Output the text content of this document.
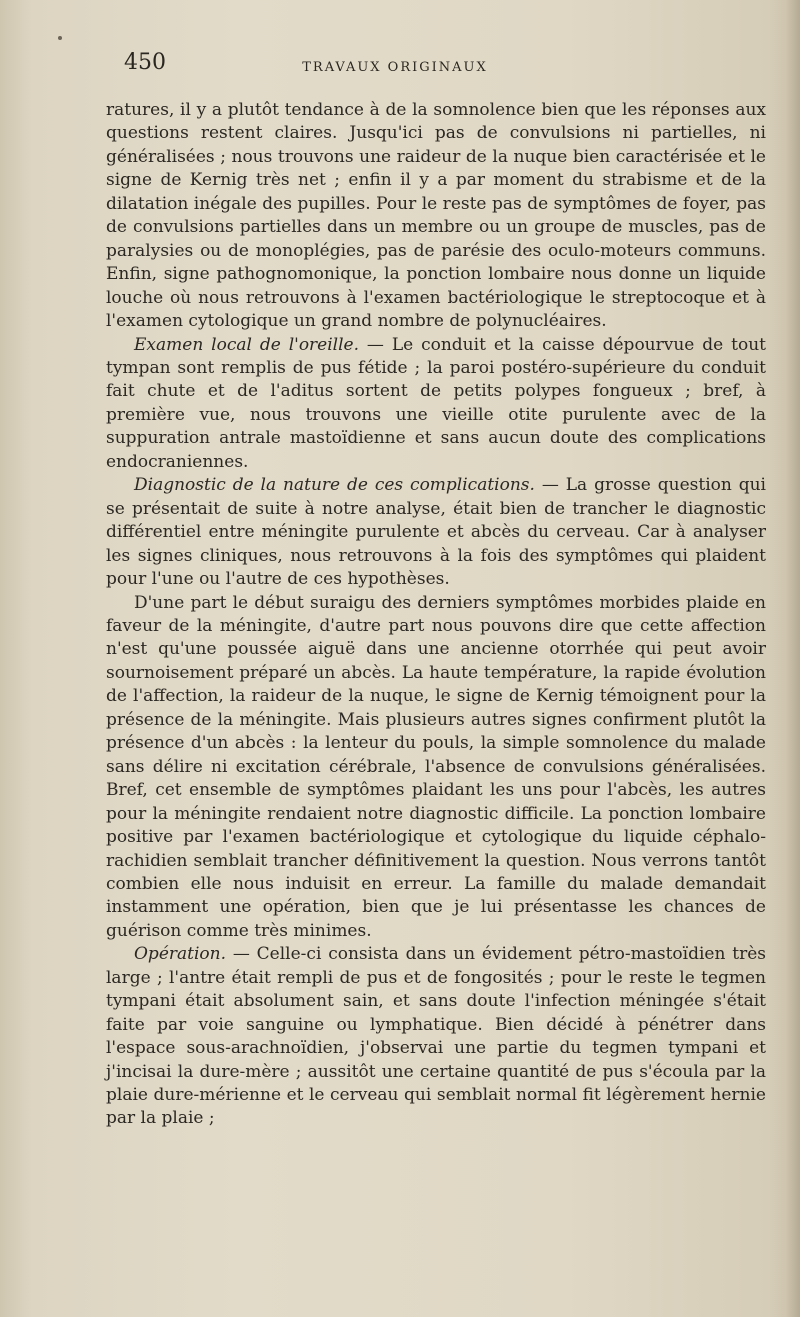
450	TRAVAUX ORIGINAUX

ratures, il y a plutôt tendance à de la somnolence bien que les réponses aux questions restent claires. Jusqu'ici pas de convulsions ni partielles, ni généralisées ; nous trouvons une raideur de la nuque bien caractérisée et le signe de Kernig très net ; enfin il y a par moment du strabisme et de la dilatation inégale des pupilles. Pour le reste pas de symptômes de foyer, pas de convulsions partielles dans un membre ou un groupe de muscles, pas de paralysies ou de monoplégies, pas de parésie des oculo-moteurs communs. Enfin, signe pathognomonique, la ponction lombaire nous donne un liquide louche où nous retrouvons à l'examen bactériologique le streptocoque et à l'examen cytologique un grand nombre de polynucléaires.

Examen local de l'oreille. — Le conduit et la caisse dépourvue de tout tympan sont remplis de pus fétide ; la paroi postéro-supérieure du conduit fait chute et de l'aditus sortent de petits polypes fongueux ; bref, à première vue, nous trouvons une vieille otite purulente avec de la suppuration antrale mastoïdienne et sans aucun doute des complications endocraniennes.

Diagnostic de la nature de ces complications. — La grosse question qui se présentait de suite à notre analyse, était bien de trancher le diagnostic différentiel entre méningite purulente et abcès du cerveau. Car à analyser les signes cliniques, nous retrouvons à la fois des symptômes qui plaident pour l'une ou l'autre de ces hypothèses.

D'une part le début suraigu des derniers symptômes morbides plaide en faveur de la méningite, d'autre part nous pouvons dire que cette affection n'est qu'une poussée aiguë dans une ancienne otorrhée qui peut avoir sournoisement préparé un abcès. La haute température, la rapide évolution de l'affection, la raideur de la nuque, le signe de Kernig témoignent pour la présence de la méningite. Mais plusieurs autres signes confirment plutôt la présence d'un abcès : la lenteur du pouls, la simple somnolence du malade sans délire ni excitation cérébrale, l'absence de convulsions généralisées. Bref, cet ensemble de symptômes plaidant les uns pour l'abcès, les autres pour la méningite rendaient notre diagnostic difficile. La ponction lombaire positive par l'examen bactériologique et cytologique du liquide céphalo-rachidien semblait trancher définitivement la question. Nous verrons tantôt combien elle nous induisit en erreur. La famille du malade demandait instamment une opération, bien que je lui présentasse les chances de guérison comme très minimes.

Opération. — Celle-ci consista dans un évidement pétro-mastoïdien très large ; l'antre était rempli de pus et de fongosités ; pour le reste le tegmen tympani était absolument sain, et sans doute l'infection méningée s'était faite par voie sanguine ou lymphatique. Bien décidé à pénétrer dans l'espace sous-arachnoïdien, j'observai une partie du tegmen tympani et j'incisai la dure-mère ; aussitôt une certaine quantité de pus s'écoula par la plaie dure-mérienne et le cerveau qui semblait normal fit légèrement hernie par la plaie ;
